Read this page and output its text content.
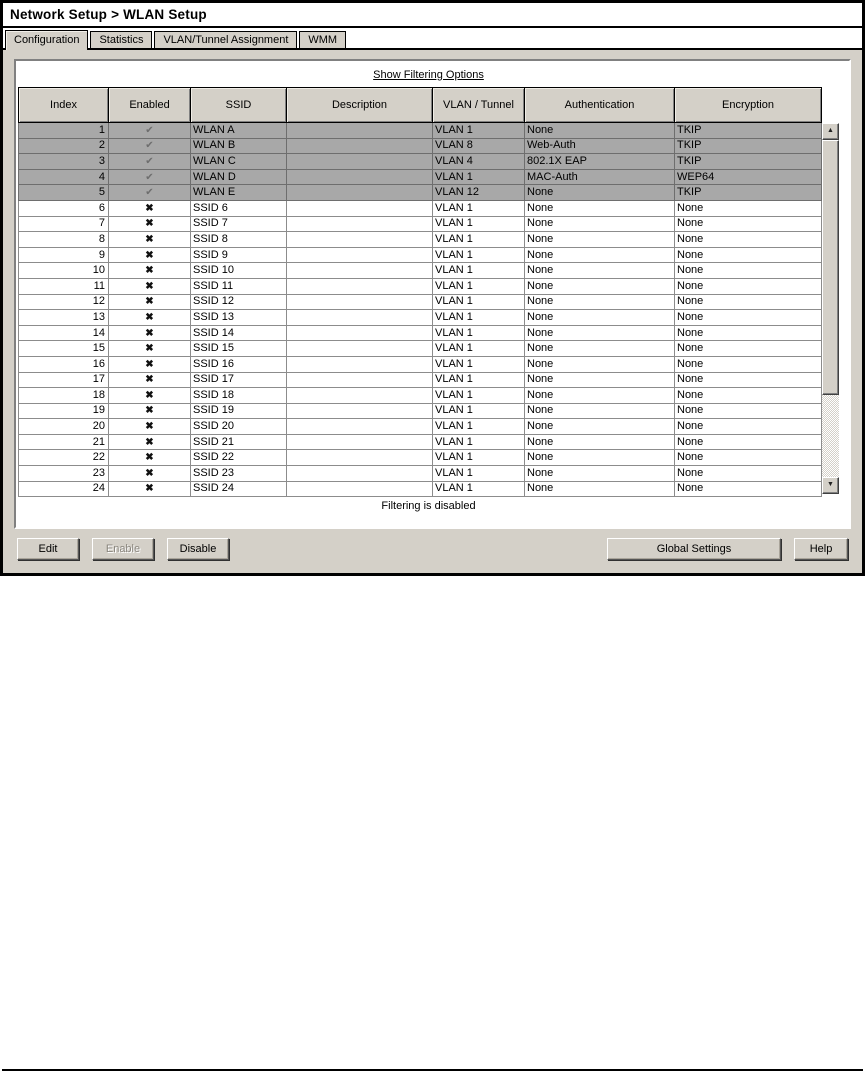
Network Setup > WLAN Setup
Configuration	Statistics	VLAN/Tunnel Assignment	WMM
Show Filtering Options
Index	Enabled	SSID	Description	VLAN / Tunnel	Authentication	Encryption
1	✔	WLAN A		VLAN 1	None	TKIP
2	✔	WLAN B		VLAN 8	Web-Auth	TKIP
3	✔	WLAN C		VLAN 4	802.1X EAP	TKIP
4	✔	WLAN D		VLAN 1	MAC-Auth	WEP64
5	✔	WLAN E		VLAN 12	None	TKIP
6	✖	SSID 6		VLAN 1	None	None
7	✖	SSID 7		VLAN 1	None	None
8	✖	SSID 8		VLAN 1	None	None
9	✖	SSID 9		VLAN 1	None	None
10	✖	SSID 10		VLAN 1	None	None
11	✖	SSID 11		VLAN 1	None	None
12	✖	SSID 12		VLAN 1	None	None
13	✖	SSID 13		VLAN 1	None	None
14	✖	SSID 14		VLAN 1	None	None
15	✖	SSID 15		VLAN 1	None	None
16	✖	SSID 16		VLAN 1	None	None
17	✖	SSID 17		VLAN 1	None	None
18	✖	SSID 18		VLAN 1	None	None
19	✖	SSID 19		VLAN 1	None	None
20	✖	SSID 20		VLAN 1	None	None
21	✖	SSID 21		VLAN 1	None	None
22	✖	SSID 22		VLAN 1	None	None
23	✖	SSID 23		VLAN 1	None	None
24	✖	SSID 24		VLAN 1	None	None
▲
▼
Filtering is disabled
Edit	Enable	Disable	Global Settings	Help
